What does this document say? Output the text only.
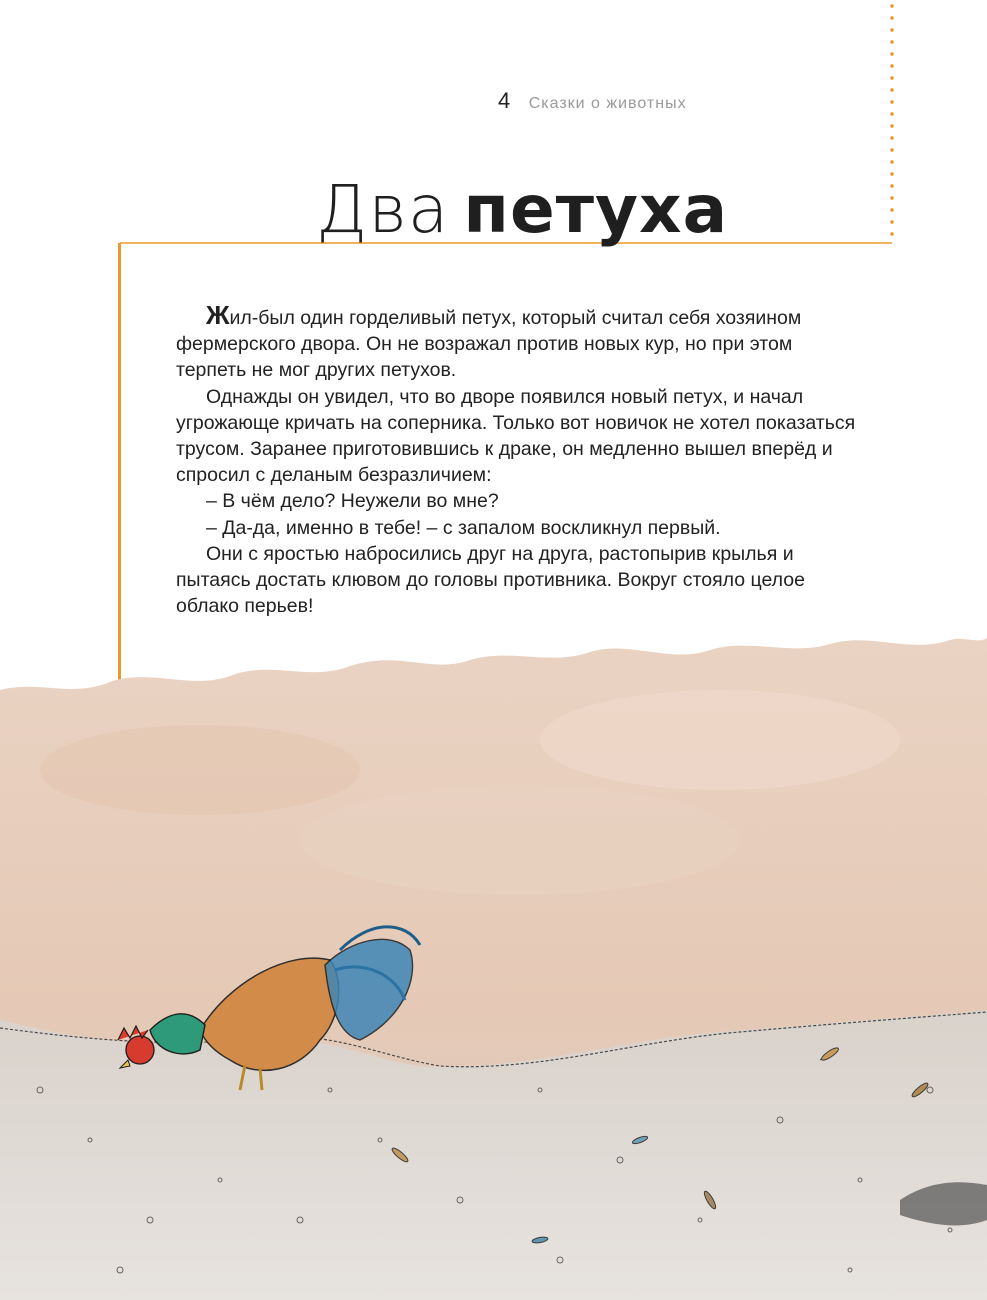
4 Сказки о животных
Два петуха

Жил-был один горделивый петух, который считал себя хозяином фермерского двора. Он не возражал против новых кур, но при этом терпеть не мог других петухов.

Однажды он увидел, что во дворе появился новый петух, и начал угрожающе кричать на соперника. Только вот новичок не хотел показаться трусом. Заранее приготовившись к драке, он медленно вышел вперёд и спросил с деланым безразличием:

– В чём дело? Неужели во мне?

– Да-да, именно в тебе! – с запалом воскликнул первый.

Они с яростью набросились друг на друга, растопырив крылья и пытаясь достать клювом до головы противника. Вокруг стояло целое облако перьев!
